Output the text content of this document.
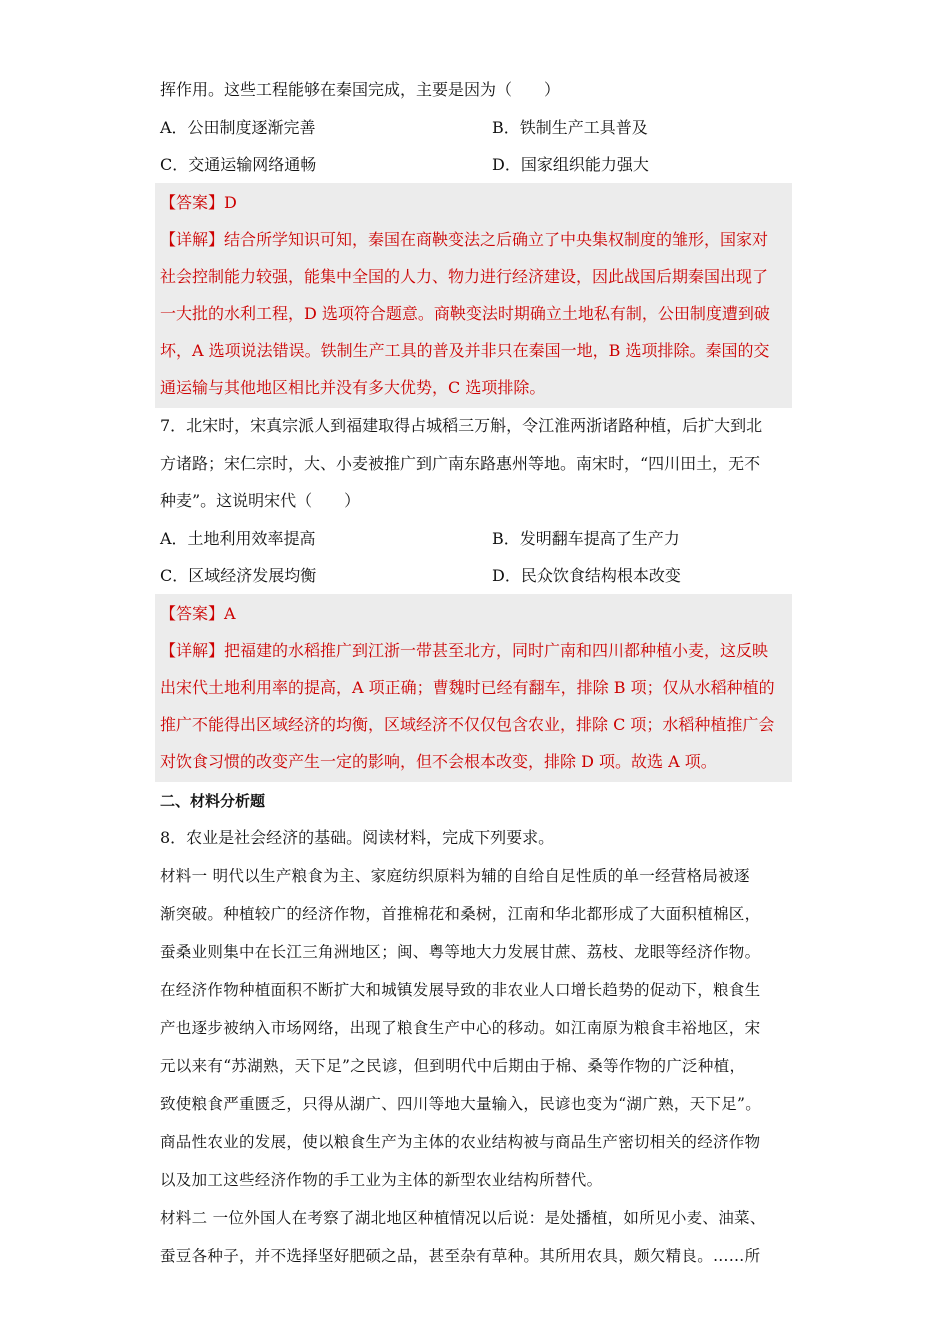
挥作用。这些工程能够在秦国完成，主要是因为（　　）
A．公田制度逐渐完善	B．铁制生产工具普及
C．交通运输网络通畅	D．国家组织能力强大
【答案】D
【详解】结合所学知识可知，秦国在商鞅变法之后确立了中央集权制度的雏形，国家对
社会控制能力较强，能集中全国的人力、物力进行经济建设，因此战国后期秦国出现了
一大批的水利工程，D 选项符合题意。商鞅变法时期确立土地私有制，公田制度遭到破
坏，A 选项说法错误。铁制生产工具的普及并非只在秦国一地，B 选项排除。秦国的交
通运输与其他地区相比并没有多大优势，C 选项排除。
7．北宋时，宋真宗派人到福建取得占城稻三万斛，令江淮两浙诸路种植，后扩大到北
方诸路；宋仁宗时，大、小麦被推广到广南东路惠州等地。南宋时，“四川田土，无不
种麦”。这说明宋代（　　）
A．土地利用效率提高	B．发明翻车提高了生产力
C．区域经济发展均衡	D．民众饮食结构根本改变
【答案】A
【详解】把福建的水稻推广到江浙一带甚至北方，同时广南和四川都种植小麦，这反映
出宋代土地利用率的提高，A 项正确；曹魏时已经有翻车，排除 B 项；仅从水稻种植的
推广不能得出区域经济的均衡，区域经济不仅仅包含农业，排除 C 项；水稻种植推广会
对饮食习惯的改变产生一定的影响，但不会根本改变，排除 D 项。故选 A 项。
二、材料分析题
8．农业是社会经济的基础。阅读材料，完成下列要求。
材料一 明代以生产粮食为主、家庭纺织原料为辅的自给自足性质的单一经营格局被逐
渐突破。种植较广的经济作物，首推棉花和桑树，江南和华北都形成了大面积植棉区，
蚕桑业则集中在长江三角洲地区；闽、粤等地大力发展甘蔗、荔枝、龙眼等经济作物。
在经济作物种植面积不断扩大和城镇发展导致的非农业人口增长趋势的促动下，粮食生
产也逐步被纳入市场网络，出现了粮食生产中心的移动。如江南原为粮食丰裕地区，宋
元以来有“苏湖熟，天下足”之民谚，但到明代中后期由于棉、桑等作物的广泛种植，
致使粮食严重匮乏，只得从湖广、四川等地大量输入，民谚也变为“湖广熟，天下足”。
商品性农业的发展，使以粮食生产为主体的农业结构被与商品生产密切相关的经济作物
以及加工这些经济作物的手工业为主体的新型农业结构所替代。
材料二 一位外国人在考察了湖北地区种植情况以后说：是处播植，如所见小麦、油菜、
蚕豆各种子，并不选择坚好肥硕之品，甚至杂有草种。其所用农具，颇欠精良。……所
